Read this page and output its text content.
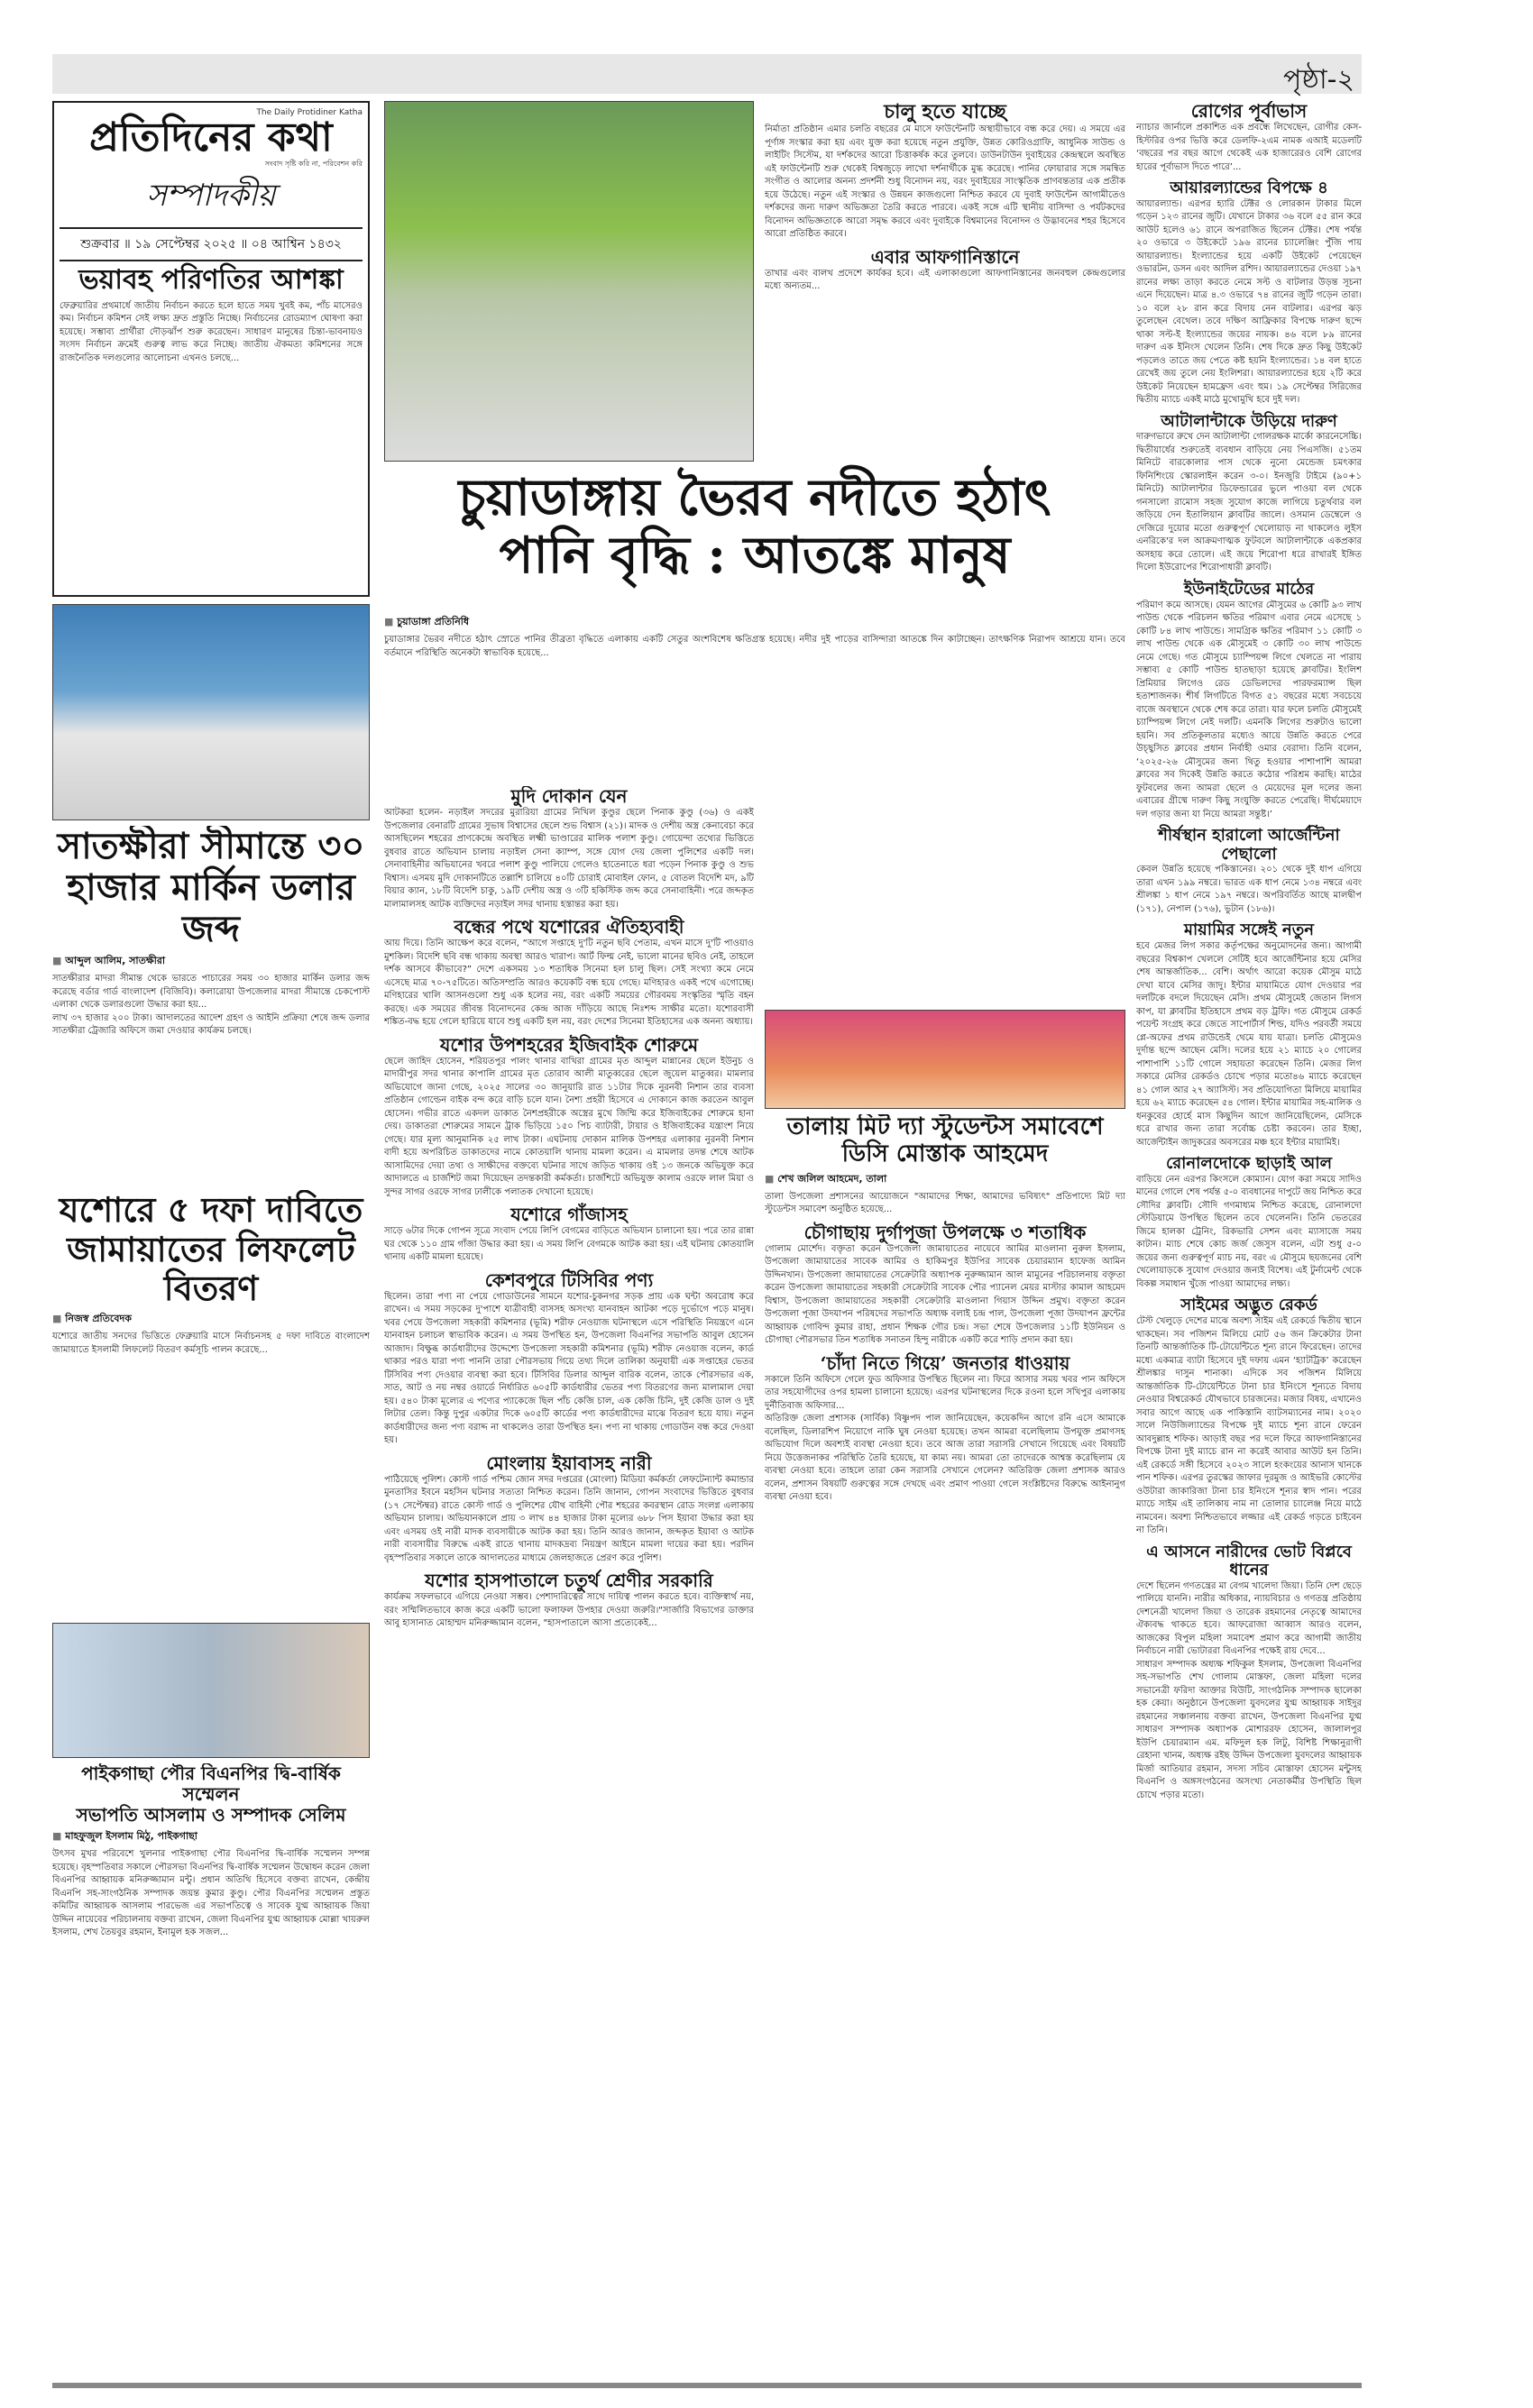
পৃষ্ঠা-২
The Daily Protidiner Katha
প্রতিদিনের কথা
সংবাদ সৃষ্টি করি না, পরিবেশন করি
সম্পাদকীয়
শুক্রবার ॥ ১৯ সেপ্টেম্বর ২০২৫ ॥ ০৪ আশ্বিন ১৪৩২
ভয়াবহ পরিণতির আশঙ্কা

ফেব্রুয়ারির প্রথমার্ধে জাতীয় নির্বাচন করতে হলে হাতে সময় খুবই কম, পাঁচ মাসেরও কম। নির্বাচন কমিশন সেই লক্ষ্য দ্রুত প্রস্তুতি নিচ্ছে। নির্বাচনের রোডম্যাপ ঘোষণা করা হয়েছে। সম্ভাব্য প্রার্থীরা দৌড়ঝাঁপ শুরু করেছেন। সাধারণ মানুষের চিন্তা-ভাবনায়ও সংসদ নির্বাচন ক্রমেই গুরুত্ব লাভ করে নিচ্ছে। জাতীয় ঐকমত্য কমিশনের সঙ্গে রাজনৈতিক দলগুলোর আলোচনা এখনও চলছে...

সাতক্ষীরা সীমান্তে ৩০
হাজার মার্কিন ডলার জব্দ
■ আব্দুল আলিম, সাতক্ষীরা

সাতক্ষীরার মাদরা সীমান্ত থেকে ভারতে পাচারের সময় ৩০ হাজার মার্কিন ডলার জব্দ করেছে বর্ডার গার্ড বাংলাদেশ (বিজিবি)। কলারোয়া উপজেলার মাদরা সীমান্তে চেকপোস্ট এলাকা থেকে ডলারগুলো উদ্ধার করা হয়...

লাখ ৩৭ হাজার ২০০ টাকা। আদালতের আদেশ গ্রহণ ও আইনি প্রক্রিয়া শেষে জব্দ ডলার সাতক্ষীরা ট্রেজারি অফিসে জমা দেওয়ার কার্যক্রম চলছে।

যশোরে ৫ দফা দাবিতে
জামায়াতের লিফলেট বিতরণ
■ নিজস্ব প্রতিবেদক

যশোরে জাতীয় সনদের ভিত্তিতে ফেব্রুয়ারি মাসে নির্বাচনসহ ৫ দফা দাবিতে বাংলাদেশ জামায়াতে ইসলামী লিফলেট বিতরণ কর্মসূচি পালন করেছে...

পাইকগাছা পৌর বিএনপির দ্বি-বার্ষিক সম্মেলন
সভাপতি আসলাম ও সম্পাদক সেলিম
■ মাহফুজুল ইসলাম মিঠু, পাইকগাছা

উৎসব মুখর পরিবেশে খুলনার পাইকগাছা পৌর বিএনপির দ্বি-বার্ষিক সম্মেলন সম্পন্ন হয়েছে। বৃহস্পতিবার সকালে পৌরসভা বিএনপির দ্বি-বার্ষিক সম্মেলন উদ্বোধন করেন জেলা বিএনপির আহ্বায়ক মনিরুজ্জামান মন্টু। প্রধান অতিথি হিসেবে বক্তব্য রাখেন, কেন্দ্রীয় বিএনপি সহ-সাংগঠনিক সম্পাদক জয়ন্ত কুমার কুণ্ডু। পৌর বিএনপির সম্মেলন প্রস্তুত কমিটির আহ্বায়ক আসলাম পারভেজ এর সভাপতিত্বে ও সাবেক যুগ্ম আহ্বায়ক জিয়া উদ্দিন নায়েবের পরিচালনায় বক্তব্য রাখেন, জেলা বিএনপির যুগ্ম আহ্বায়ক মোল্লা খায়রুল ইসলাম, শেখ তৈয়বুর রহমান, ইনামুল হক সজল...

চুয়াডাঙ্গায় ভৈরব নদীতে হঠাৎ
পানি বৃদ্ধি : আতঙ্কে মানুষ
■ চুয়াডাঙ্গা প্রতিনিধি

চুয়াডাঙ্গার ভৈরব নদীতে হঠাৎ স্রোতে পানির তীব্রতা বৃদ্ধিতে এলাকায় একটি সেতুর অংশবিশেষ ক্ষতিগ্রস্ত হয়েছে। নদীর দুই পাড়ের বাসিন্দারা আতঙ্কে দিন কাটাচ্ছেন। তাৎক্ষণিক নিরাপদ আশ্রয়ে যান। তবে বর্তমানে পরিস্থিতি অনেকটা স্বাভাবিক হয়েছে...

মুদি দোকান যেন

আটকরা হলেন- নড়াইল সদরের মুরারিয়া গ্রামের নিখিল কুণ্ডুর ছেলে পিনাক কুণ্ডু (৩৬) ও একই উপজেলার বেনারটি গ্রামের সুভাষ বিশ্বাসের ছেলে শুভ বিশ্বাস (২১)। মাদক ও দেশীয় অস্ত্র কেনাবেচা করে আসছিলেন শহরের প্রাণকেন্দ্রে অবস্থিত লক্ষ্মী ভাণ্ডারের মালিক পলাশ কুণ্ডু। গোয়েন্দা তথ্যের ভিত্তিতে বুধবার রাতে অভিযান চালায় নড়াইল সেনা ক্যাম্প, সঙ্গে যোগ দেয় জেলা পুলিশের একটি দল। সেনাবাহিনীর অভিযানের খবরে পলাশ কুণ্ডু পালিয়ে গেলেও হাতেনাতে ধরা পড়েন পিনাক কুণ্ডু ও শুভ বিশ্বাস। এসময় মুদি দোকানটিতে তল্লাশি চালিয়ে ৪০টি চোরাই মোবাইল ফোন, ৫ বোতল বিদেশি মদ, ৯টি বিয়ার ক্যান, ১৮টি বিদেশি চাকু, ১৯টি দেশীয় অস্ত্র ও ৩টি হকিস্টিক জব্দ করে সেনাবাহিনী। পরে জব্দকৃত মালামালসহ আটক ব্যক্তিদের নড়াইল সদর থানায় হস্তান্তর করা হয়।

বন্ধের পথে যশোরের ঐতিহ্যবাহী

আয় দিয়ে। তিনি আক্ষেপ করে বলেন, “আগে সপ্তাহে দু'টি নতুন ছবি পেতাম, এখন মাসে দু'টি পাওয়াও মুশকিল। বিদেশি ছবি বন্ধ থাকায় অবস্থা আরও খারাপ। আর্ট ফিল্ম নেই, ভালো মানের ছবিও নেই, তাহলে দর্শক আসবে কীভাবে?” দেশে একসময় ১৩ শতাধিক সিনেমা হল চালু ছিল। সেই সংখ্যা কমে নেমে এসেছে মাত্র ৭০-৭৫টিতে। অতিসম্প্রতি আরও কয়েকটি বন্ধ হয়ে গেছে। মণিহারও একই পথে এগোচ্ছে। মণিহারের খালি আসনগুলো শুধু এক হলের নয়, বরং একটি সময়ের গৌরবময় সংস্কৃতির স্মৃতি বহন করছে। এক সময়ের জীবন্ত বিনোদনের কেন্দ্র আজ দাঁড়িয়ে আছে নিঃশব্দ সাক্ষীর মতো। যশোরবাসী শঙ্কিত-বদ্ধ হয়ে গেলে হারিয়ে যাবে শুধু একটি হল নয়, বরং দেশের সিনেমা ইতিহাসের এক অনন্য অধ্যায়।

যশোর উপশহরের ইজিবাইক শোরুমে

ছেলে জাহিদ হোসেন, শরিয়তপুর পালং থানার বাখিরা গ্রামের মৃত আব্দুল মান্নানের ছেলে ইউনুচ ও মাদারীপুর সদর থানার কাপালি গ্রামের মৃত তোরাব আলী মাতুব্বরের ছেলে জুয়েল মাতুব্বর। মামলার অভিযোগে জানা গেছে, ২০২৫ সালের ৩০ জানুয়ারি রাত ১১টার দিকে নুরনবী নিশান তার ব্যবসা প্রতিষ্ঠান গোল্ডেন বাইক বন্দ করে বাড়ি চলে যান। নৈশ্য প্রহরী হিসেবে এ দোকানে কাজ করতেন আবুল হোসেন। গভীর রাতে একদল ডাকাত নৈশপ্রহরীকে অস্ত্রের মুখে জিম্মি করে ইজিবাইকের শোরুমে হানা দেয়। ডাকাতরা শোরুমের সামনে ট্রাক ভিড়িয়ে ১৫০ পিচ ব্যাটারী, টায়ার ও ইজিবাইকের যন্ত্রাংশ নিয়ে গেছে। যার মূল্য আনুমানিক ২৫ লাখ টাকা। এঘটনায় দোকান মালিক উপশহর এলাকার নুরনবী নিশান বাদী হয়ে অপরিচিত ডাকাতদের নামে কোতয়ালি থানায় মামলা করেন। এ মামলার তদন্ত শেষে আটক আসামিদের দেয়া তথ্য ও সাক্ষীদের বক্তব্যে ঘটনার সাথে জড়িত থাকায় ওই ১৩ জনকে অভিযুক্ত করে আদালতে এ চার্জশিট জমা দিয়েছেন তদন্তকারী কর্মকর্তা। চার্জশিটে অভিযুক্ত কালাম ওরফে লাল মিয়া ও সুন্দর সাগর ওরফে সাগর ঢালীকে পলাতক দেখানো হয়েছে।

যশোরে গাঁজাসহ

সাড়ে ৬টার দিকে গোপন সূত্রে সংবাদ পেয়ে লিপি বেগমের বাড়িতে অভিযান চালানো হয়। পরে তার রান্না ঘর থেকে ১১০ গ্রাম গাঁজা উদ্ধার করা হয়। এ সময় লিপি বেগমকে আটক করা হয়। এই ঘটনায় কোতয়ালি থানায় একটি মামলা হয়েছে।

কেশবপুরে টিসিবির পণ্য

ছিলেন। তারা পণ্য না পেয়ে গোডাউনের সামনে যশোর-চুকনগর সড়ক প্রায় এক ঘন্টা অবরোধ করে রাখেন। এ সময় সড়কের দু'পাশে যাত্রীবাহী বাসসহ অসংখ্য যানবাহন আটকা পড়ে দুর্ভোগে পড়ে মানুষ। খবর পেয়ে উপজেলা সহকারী কমিশনার (ভূমি) শরীফ নেওয়াজ ঘটনাস্থলে এসে পরিস্থিতি নিয়ন্ত্রণে এনে যানবাহন চলাচল স্বাভাবিক করেন। এ সময় উপস্থিত হন, উপজেলা বিএনপির সভাপতি আবুল হোসেন আজাদ। বিক্ষুব্ধ কার্ডধারীদের উদ্দেশ্যে উপজেলা সহকারী কমিশনার (ভূমি) শরীফ নেওয়াজ বলেন, কার্ড থাকার পরও যারা পণ্য পাননি তারা পৌরসভায় গিয়ে তথ্য দিলে তালিকা অনুযায়ী এক সপ্তাহের ভেতর টিসিবির পণ্য দেওয়ার ব্যবস্থা করা হবে। টিসিবির ডিলার আব্দুল বারিক বলেন, তাকে পৌরসভার এক, সাত, আট ও নয় নম্বর ওয়ার্ডে নির্ধারিত ৬০৫টি কার্ডধারীর ভেতর পণ্য বিতরণের জন্য মালামাল দেয়া হয়। ৫৪০ টাকা মূল্যের এ পণ্যের প্যাকেজে ছিল পাঁচ কেজি চাল, এক কেজি চিনি, দুই কেজি ডাল ও দুই লিটার তেল। কিন্তু দুপুর একটার দিকে ৬০৫টি কার্ডের পণ্য কার্ডধারীদের মাঝে বিতরণ হয়ে যায়। নতুন কার্ডধারীদের জন্য পণ্য বরাদ্দ না থাকলেও তারা উপস্থিত হন। পণ্য না থাকায় গোডাউন বন্ধ করে দেওয়া হয়।

মোংলায় ইয়াবাসহ নারী

পাঠিয়েছে পুলিশ। কোস্ট গার্ড পশ্চিম জোন সদর দপ্তরের (মোংলা) মিডিয়া কর্মকর্তা লেফটেন্যান্ট কমান্ডার মুনতাসির ইবনে মহসিন ঘটনার সত্যতা নিশ্চিত করেন। তিনি জানান, গোপন সংবাদের ভিত্তিতে বুধবার (১৭ সেপ্টেম্বর) রাতে কোস্ট গার্ড ও পুলিশের যৌথ বাহিনী পৌর শহরের কবরস্থান রোড সংলগ্ন এলাকায় অভিযান চালায়। অভিযানকালে প্রায় ৩ লাখ ৪৪ হাজার টাকা মূল্যের ৬৮৮ পিস ইয়াবা উদ্ধার করা হয় এবং এসময় ওই নারী মাদক ব্যবসায়ীকে আটক করা হয়। তিনি আরও জানান, জব্দকৃত ইয়াবা ও আটক নারী ব্যবসায়ীর বিরুদ্ধে একই রাতে থানায় মাদকদ্রব্য নিয়ন্ত্রণ আইনে মামলা দায়ের করা হয়। পরদিন বৃহস্পতিবার সকালে তাকে আদালতের মাধ্যমে জেলহাজতে প্রেরণ করে পুলিশ।

যশোর হাসপাতালে চতুর্থ শ্রেণীর সরকারি

কার্যক্রম সফলভাবে এগিয়ে নেওয়া সম্ভব। পেশাদারিত্বের সাথে দায়িত্ব পালন করতে হবে। ব্যক্তিস্বার্থ নয়, বরং সম্মিলিতভাবে কাজ করে একটি ভালো ফলাফল উপহার দেওয়া জরুরি।"সার্জারি বিভাগের ডাক্তার আবু হাসানাত মোহাম্মদ মনিরুজ্জামান বলেন, "হাসপাতালে আসা প্রত্যেকেই...

চালু হতে যাচ্ছে

নির্মাতা প্রতিষ্ঠান এমার চলতি বছরের মে মাসে ফাউন্টেনটি অস্থায়ীভাবে বন্ধ করে দেয়। এ সময়ে এর পূর্ণাঙ্গ সংস্কার করা হয় এবং যুক্ত করা হয়েছে নতুন প্রযুক্তি, উন্নত কোরিওগ্রাফি, আধুনিক সাউন্ড ও লাইটিং সিস্টেম, যা দর্শকদের আরো চিত্তাকর্ষক করে তুলবে। ডাউনটাউন দুবাইয়ের কেন্দ্রস্থলে অবস্থিত এই ফাউন্টেনটি শুরু থেকেই বিশ্বজুড়ে লাখো দর্শনার্থীকে মুগ্ধ করেছে। পানির ফোয়ারার সঙ্গে সমন্বিত সংগীত ও আলোর অনন্য প্রদর্শনী শুধু বিনোদন নয়, বরং দুবাইয়ের সাংস্কৃতিক প্রাণবন্ততার এক প্রতীক হয়ে উঠেছে। নতুন এই সংস্কার ও উন্নয়ন কাজগুলো নিশ্চিত করবে যে দুবাই ফাউন্টেন আগামীতেও দর্শকদের জন্য দারুণ অভিজ্ঞতা তৈরি করতে পারবে। একই সঙ্গে এটি স্থানীয় বাসিন্দা ও পর্যটকদের বিনোদন অভিজ্ঞতাকে আরো সমৃদ্ধ করবে এবং দুবাইকে বিশ্বমানের বিনোদন ও উদ্ভাবনের শহর হিসেবে আরো প্রতিষ্ঠিত করবে।

এবার আফগানিস্তানে

তাখার এবং বালখ প্রদেশে কার্যকর হবে। এই এলাকাগুলো আফগানিস্তানের জনবহুল কেন্দ্রগুলোর মধ্যে অন্যতম...

তালায় মিট দ্যা স্টুডেন্টস সমাবেশে
ডিসি মোস্তাক আহমেদ
■ শেখ জলিল আহমেদ, তালা

তালা উপজেলা প্রশাসনের আয়োজনে "আমাদের শিক্ষা, আমাদের ভবিষ্যৎ" প্রতিপাদ্যে মিট দ্যা স্টুডেন্টস সমাবেশ অনুষ্ঠিত হয়েছে...

চৌগাছায় দুর্গাপূজা উপলক্ষে ৩ শতাধিক

গোলাম মোর্শেদ। বক্তৃতা করেন উপজেলা জামায়াতের নায়েবে আমির মাওলানা নুরুল ইসলাম, উপজেলা জামায়াতের সাবেক আমির ও হাকিমপুর ইউপির সাবেক চেয়ারম্যান হাফেজ আমিন উদ্দিনখান। উপজেলা জামায়াতের সেক্রেটারি অধ্যাপক নুরুজ্জামান আল মামুনের পরিচালনায় বক্তৃতা করেন উপজেলা জামায়াতের সহকারী সেক্রেটারি সাবেক পৌর প্যানেল মেয়র মাস্টার কামাল আহমেদ বিশ্বাস, উপজেলা জামায়াতের সহকারী সেক্রেটারি মাওলানা গিয়াস উদ্দিন প্রমুখ। বক্তৃতা করেন উপজেলা পূজা উদযাপন পরিষদের সভাপতি অধ্যক্ষ বলাই চন্দ্র পাল, উপজেলা পূজা উদযাপন ফ্রন্টের আহ্বায়ক গোবিন্দ কুমার রাহা, প্রধান শিক্ষক গৌর চন্দ্র। সভা শেষে উপজেলার ১১টি ইউনিয়ন ও চৌগাছা পৌরসভার তিন শতাধিক সনাতন হিন্দু নারীকে একটি করে শাড়ি প্রদান করা হয়।

‘চাঁদা নিতে গিয়ে’ জনতার ধাওয়ায়

সকালে তিনি অফিসে গেলে ফুড অফিসার উপস্থিত ছিলেন না। ফিরে আসার সময় খবর পান অফিসে তার সহযোগীদের ওপর হামলা চালানো হয়েছে। এরপর ঘটনাস্থলের দিকে রওনা হলে সখিপুর এলাকায় দুর্নীতিবাজ অফিসার...

অতিরিক্ত জেলা প্রশাসক (সার্বিক) বিষ্ণুপদ পাল জানিয়েছেন, কয়েকদিন আগে রনি এসে আমাকে বলেছিল, ডিলারশিপ নিয়োগে নাকি ঘুষ নেওয়া হয়েছে। তখন আমরা বলেছিলাম উপযুক্ত প্রমাণসহ অভিযোগ দিলে অবশ্যই ব্যবস্থা নেওয়া হবে। তবে আজ তারা সরাসরি সেখানে গিয়েছে এবং বিষয়টি নিয়ে উত্তেজনাকর পরিস্থিতি তৈরি হয়েছে, যা কাম্য নয়। আমরা তো তাদেরকে আশ্বস্ত করেছিলাম যে ব্যবস্থা নেওয়া হবে। তাহলে তারা কেন সরাসরি সেখানে গেলেন? অতিরিক্ত জেলা প্রশাসক আরও বলেন, প্রশাসন বিষয়টি গুরুত্বের সঙ্গে দেখছে এবং প্রমাণ পাওয়া গেলে সংশ্লিষ্টদের বিরুদ্ধে আইনানুগ ব্যবস্থা নেওয়া হবে।

রোগের পূর্বাভাস

ন্যাচার জার্নালে প্রকাশিত এক প্রবন্ধে লিখেছেন, রোগীর কেস-হিস্টরির ওপর ভিত্তি করে ডেলফি-২এম নামক এআই মডেলটি ‘বছরের পর বছর আগে থেকেই এক হাজারেরও বেশি রোগের হারের পূর্বাভাস দিতে পারে’...

আয়ারল্যান্ডের বিপক্ষে ৪

আয়ারল্যান্ড। এরপর হ্যারি টেক্টর ও লোরকান টাকার মিলে গড়েন ১২৩ রানের জুটি। যেখানে টাকার ৩৬ বলে ৫৫ রান করে আউট হলেও ৬১ রানে অপরাজিত ছিলেন টেক্টর। শেষ পর্যন্ত ২০ ওভারে ৩ উইকেটে ১৯৬ রানের চ্যালেঞ্জিং পুঁজি পায় আয়ারল্যান্ড। ইংল্যান্ডের হয়ে একটি উইকেট পেয়েছেন ওভারটন, ডসন এবং আদিল রশিদ। আয়ারল্যান্ডের দেওয়া ১৯৭ রানের লক্ষ্য তাড়া করতে নেমে সল্ট ও বাটলার উড়ন্ত সূচনা এনে দিয়েছেন। মাত্র ৪.৩ ওভারে ৭৪ রানের জুটি গড়েন তারা। ১০ বলে ২৮ রান করে বিদায় নেন বাটলার। এরপর ঝড় তুলেছেন বেথেল। তবে দক্ষিণ আফ্রিকার বিপক্ষে দারুণ ছন্দে থাকা সল্ট-ই ইংল্যান্ডের জয়ের নায়ক। ৪৬ বলে ৮৯ রানের দারুণ এক ইনিংস খেলেন তিনি। শেষ দিকে দ্রুত কিছু উইকেট পড়লেও তাতে জয় পেতে কষ্ট হয়নি ইংল্যান্ডের। ১৪ বল হাতে রেখেই জয় তুলে নেয় ইংলিশরা। আয়ারল্যান্ডের হয়ে ২টি করে উইকেট নিয়েছেন হামফ্রেস এবং হুম। ১৯ সেপ্টেম্বর সিরিজের দ্বিতীয় ম্যাচে একই মাঠে মুখোমুখি হবে দুই দল।

আটালান্টাকে উড়িয়ে দারুণ

দারুণভাবে রুখে দেন আটালান্টা গোলরক্ষক মার্কো কারনেসেচ্চি। দ্বিতীয়ার্ধের শুরুতেই ব্যবধান বাড়িয়ে নেয় পিএসজি। ৫১তম মিনিটে বারকোলার পাস থেকে নুনো মেন্ডেজ চমৎকার ফিনিশিংয়ে স্কোরলাইন করেন ৩-০। ইনজুরি টাইমে (৯০+১ মিনিটে) আটালান্টার ডিফেন্ডারের ভুলে পাওয়া বল থেকে গনসালো রামোস সহজ সুযোগ কাজে লাগিয়ে চতুর্থবার বল জড়িয়ে দেন ইতালিয়ান ক্লাবটির জালে। ওসমান ডেম্বেলে ও দেজিরে দুয়োর মতো গুরুত্বপূর্ণ খেলোয়াড় না থাকলেও লুইস এনরিকে'র দল আক্রমণাত্মক ফুটবলে আটালান্টাকে একপ্রকার অসহায় করে তোলে। এই জয়ে শিরোপা ধরে রাখারই ইঙ্গিত দিলো ইউরোপের শিরোপাধারী ক্লাবটি।

ইউনাইটেডের মাঠের

পরিমাণ কমে আসছে। যেমন আগের মৌসুমের ৬ কোটি ৯৩ লাখ পাউন্ড থেকে পরিচলন ক্ষতির পরিমাণ এবার নেমে এসেছে ১ কোটি ৮৪ লাখ পাউন্ডে। সামগ্রিক ক্ষতির পরিমাণ ১১ কোটি ৩ লাখ পাউন্ড থেকে এক মৌসুমেই ৩ কোটি ৩০ লাখ পাউন্ডে নেমে গেছে। গত মৌসুমে চ্যাম্পিয়ন্স লিগে খেলতে না পারায় সম্ভাব্য ৫ কোটি পাউন্ড হাতছাড়া হয়েছে ক্লাবটির। ইংলিশ প্রিমিয়ার লিগেও রেড ডেভিলদের পারফরম্যান্স ছিল হতাশাজনক। শীর্ষ লিগটিতে বিগত ৫১ বছরের মধ্যে সবচেয়ে বাজে অবস্থানে থেকে শেষ করে তারা। যার ফলে চলতি মৌসুমেই চ্যাম্পিয়ন্স লিগে নেই দলটি। এমনকি লিগের শুরুটাও ভালো হয়নি। সব প্রতিকূলতার মধ্যেও আয়ে উন্নতি করতে পেরে উচ্ছ্বসিত ক্লাবের প্রধান নির্বাহী ওমার বেরাদা। তিনি বলেন, ‘২০২৫-২৬ মৌসুমের জন্য থিতু হওয়ার পাশাপাশি আমরা ক্লাবের সব দিকেই উন্নতি করতে কঠোর পরিশ্রম করছি। মাঠের ফুটবলের জন্য আমরা ছেলে ও মেয়েদের মূল দলের জন্য এবারের গ্রীষ্মে দারুণ কিছু সংযুক্তি করতে পেরেছি। দীর্ঘমেয়াদে দল গড়ার জন্য যা নিয়ে আমরা সন্তুষ্ট।’

শীর্ষস্থান হারালো আর্জেন্টিনা পেছালো

কেবল উন্নতি হয়েছে পকিস্তানের। ২০১ থেকে দুই ধাপ এগিয়ে তারা এখন ১৯৯ নম্বরে। ভারত এক ধাপ নেমে ১৩৪ নম্বরে এবং শ্রীলঙ্কা ১ ধাপ নেমে ১৯৭ নম্বরে। অপরিবর্তিত আছে মালদ্বীপ (১৭১), নেপাল (১৭৬), ভুটান (১৮৬)।

মায়ামির সঙ্গেই নতুন

হবে মেজর লিগ সকার কর্তৃপক্ষের অনুমোদনের জন্য। আগামী বছরের বিশ্বকাপ খেললে সেটিই হবে আর্জেন্টিনার হয়ে মেসির শেষ আন্তর্জাতিক... বেশি। অর্থাৎ আরো কয়েক মৌসুম মাঠে দেখা যাবে মেসির জাদু। ইন্টার মায়ামিতে যোগ দেওয়ার পর দলটিকে বদলে দিয়েছেন মেসি। প্রথম মৌসুমেই জেতান লিগস কাপ, যা ক্লাবটির ইতিহাসে প্রথম বড় ট্রফি। গত মৌসুমে রেকর্ড পয়েন্ট সংগ্রহ করে জেতে সাপোর্টার্স শিল্ড, যদিও পরবর্তী সময়ে প্লে-অফের প্রথম রাউন্ডেই থেমে যায় যাত্রা। চলতি মৌসুমেও দুর্দান্ত ছন্দে আছেন মেসি। দলের হয়ে ২১ ম্যাচে ২০ গোলের পাশাপাশি ১১টি গোলে সহায়তা করেছেন তিনি। মেজর লিগ সকারে মেসির রেকর্ডও চোখে পড়ার মতো৪৬ ম্যাচে করেছেন ৪১ গোল আর ২৭ অ্যাসিস্ট। সব প্রতিযোগিতা মিলিয়ে মায়ামির হয়ে ৬২ ম্যাচে করেছেন ৫৪ গোল। ইন্টার মায়ামির সহ-মালিক ও ধনকুবের হোর্হে মাস কিছুদিন আগে জানিয়েছিলেন, মেসিকে ধরে রাখার জন্য তারা সর্বোচ্চ চেষ্টা করবেন। তার ইচ্ছা, আর্জেন্টাইন জাদুকরের অবসরের মঞ্চ হবে ইন্টার মায়ামিই।

রোনালদোকে ছাড়াই আল

বাড়িয়ে নেন এরপর কিংসলে কোম্যান। যোগ করা সময়ে সাদিও মানের গোলে শেষ পর্যন্ত ৫-০ ব্যবধানের দাপুটে জয় নিশ্চিত করে সৌদির ক্লাবটি। সৌদি গণমাধ্যম নিশ্চিত করেছে, রোনালদো স্টেডিয়ামে উপস্থিত ছিলেন তবে খেলেননি। তিনি ভেতরের জিমে হালকা ট্রেনিং, রিকভারি সেশন এবং ম্যাসাজে সময় কাটান। ম্যাচ শেষে কোচ জর্জ জেসুস বলেন, এটা শুধু ৫-০ জয়ের জন্য গুরুত্বপূর্ণ ম্যাচ নয়, বরং এ মৌসুমে ছয়জনের বেশি খেলোয়াড়কে সুযোগ দেওয়ার জন্যই বিশেষ। এই টুর্নামেন্ট থেকে বিকল্প সমাধান খুঁজে পাওয়া আমাদের লক্ষ্য।

সাইমের অদ্ভুত রেকর্ড

টেস্ট খেলুড়ে দেশের মাঝে অবশ্য সাইম এই রেকর্ডে দ্বিতীয় স্থানে থাকছেন। সব পজিশন মিলিয়ে মোট ৫৬ জন ক্রিকেটার টানা তিনটি আন্তর্জাতিক টি-টোয়েন্টিতে শূন্য রানে ফিরেছেন। তাদের মধ্যে একমাত্র ব্যাটা হিসেবে দুই দফায় এমন ‘হ্যাটট্রিক’ করেছেন শ্রীলঙ্কার দাসুন শানাকা। এদিকে সব পজিশন মিলিয়ে আন্তর্জাতিক টি-টোয়েন্টিতে টানা চার ইনিংসে শূন্যতে বিদায় নেওয়ার বিশ্বরেকর্ড যৌথভাবে চারজনের। মজার বিষয়, এখানেও সবার আগে আছে এক পাকিস্তানি ব্যাটসম্যানের নাম। ২০২০ সালে নিউজিল্যান্ডের বিপক্ষে দুই ম্যাচে শূন্য রানে ফেরেন আবদুল্লাহ শফিক। আড়াই বছর পর দলে ফিরে আফগানিস্তানের বিপক্ষে টানা দুই ম্যাচে রান না করেই আবার আউট হন তিনি। এই রেকর্ডে সঙ্গী হিসেবে ২০২৩ সালে হংকংয়ের আনাস খানকে পান শফিক। এরপর তুরস্কের জাফার দুরমুজ ও আইভরি কোস্টের ওউটারা জাকারিজা টানা চার ইনিংসে শূন্যর স্বাদ পান। পরের ম্যাচে সাইম এই তালিকায় নাম না তোলার চ্যালেঞ্জ নিয়ে মাঠে নামবেন। অবশ্য নিশ্চিতভাবে লজ্জার এই রেকর্ড গড়তে চাইবেন না তিনি।

এ আসনে নারীদের ভোট বিপ্লবে ধানের

দেশে ছিলেন গণতন্ত্রের মা বেগম খালেদা জিয়া। তিনি দেশ ছেড়ে পালিয়ে যাননি। নারীর অধিকার, ন্যায়বিচার ও গণতন্ত্র প্রতিষ্ঠায় দেশনেত্রী খালেদা জিয়া ও তারেক রহমানের নেতৃত্বে আমাদের ঐক্যবদ্ধ থাকতে হবে। আফরোজা আব্বাস আরও বলেন, আজকের বিপুল মহিলা সমাবেশ প্রমাণ করে আগামী জাতীয় নির্বাচনে নারী ভোটাররা বিএনপির পক্ষেই রায় দেবে...

সাধারণ সম্পাদক অধ্যক্ষ শফিকুল ইসলাম, উপজেলা বিএনপির সহ-সভাপতি শেখ গোলাম মোস্তফা, জেলা মহিলা দলের সভানেত্রী ফরিদা আক্তার বিউটি, সাংগঠনিক সম্পাদক ছালেকা হক কেয়া। অনুষ্ঠানে উপজেলা যুবদলের যুগ্ম আহ্বায়ক সাইদুর রহমানের সঞ্চালনায় বক্তব্য রাখেন, উপজেলা বিএনপির যুগ্ম সাধারণ সম্পাদক অধ্যাপক মোশাররফ হোসেন, জালালপুর ইউপি চেয়ারম্যান এম. মফিদুল হক লিটু, বিশিষ্ট শিক্ষানুরাগী রেহানা খানম, অধ্যক্ষ রইছ উদ্দিন উপজেলা যুবদলের আহ্বায়ক মির্জা আতিয়ার রহমান, সদস্য সচিব মোস্তাফা হোসেন মন্টুসহ বিএনপি ও অঙ্গসংগঠনের অসংখ্য নেতাকর্মীর উপস্থিতি ছিল চোখে পড়ার মতো।
